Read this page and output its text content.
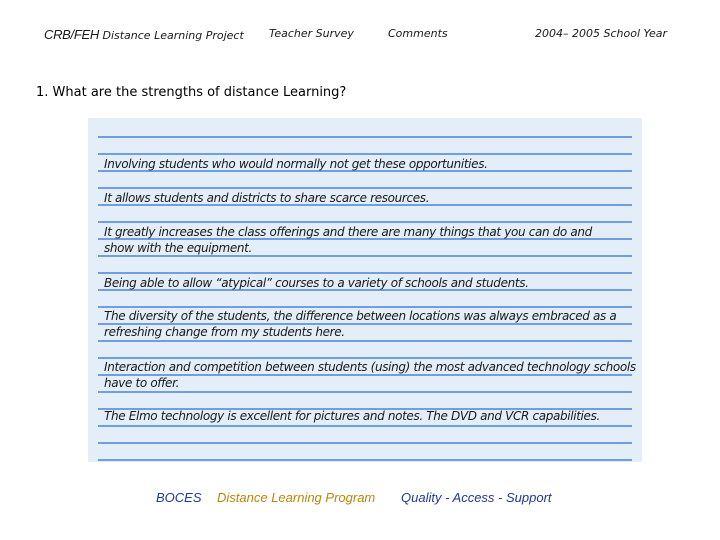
CRB/FEH Distance Learning Project Teacher Survey	Comments	2004– 2005 School Year
1. What are the strengths of distance Learning?
Involving students who would normally not get these opportunities.
It allows students and districts to share scarce resources.
It greatly increases the class offerings and there are many things that you can do and show with the equipment.
Being able to allow “atypical” courses to a variety of schools and students.
The diversity of the students, the difference between locations was always embraced as a refreshing change from my students here.
Interaction and competition between students (using) the most advanced technology schools have to offer.
The Elmo technology is excellent for pictures and notes. The DVD and VCR capabilities.
BOCES Distance Learning Program Quality - Access - Support
